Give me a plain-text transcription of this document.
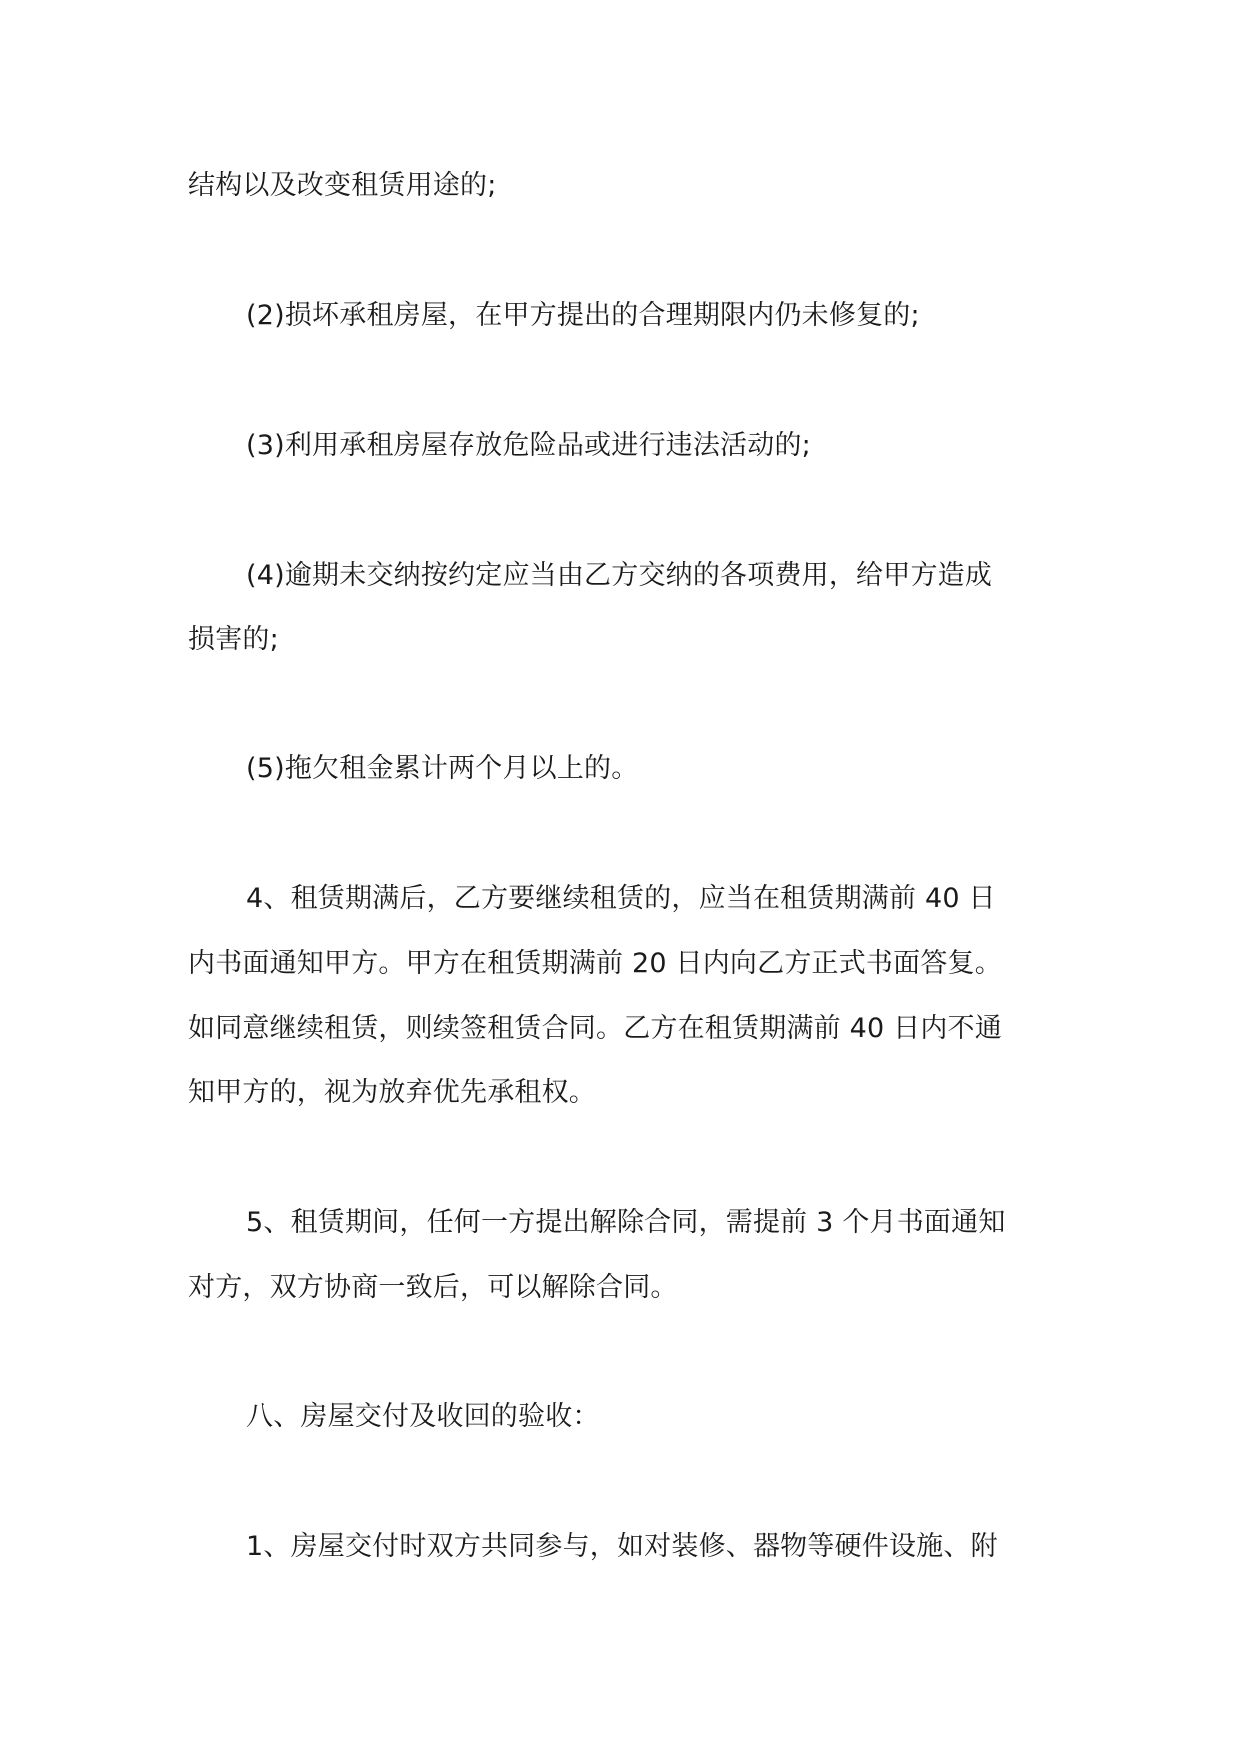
结构以及改变租赁用途的;
(2)损坏承租房屋，在甲方提出的合理期限内仍未修复的;
(3)利用承租房屋存放危险品或进行违法活动的;
(4)逾期未交纳按约定应当由乙方交纳的各项费用，给甲方造成
损害的;
(5)拖欠租金累计两个月以上的。
4、租赁期满后，乙方要继续租赁的，应当在租赁期满前 40 日
内书面通知甲方。甲方在租赁期满前 20 日内向乙方正式书面答复。
如同意继续租赁，则续签租赁合同。乙方在租赁期满前 40 日内不通
知甲方的，视为放弃优先承租权。
5、租赁期间，任何一方提出解除合同，需提前 3 个月书面通知
对方，双方协商一致后，可以解除合同。
八、房屋交付及收回的验收：
1、房屋交付时双方共同参与，如对装修、器物等硬件设施、附
